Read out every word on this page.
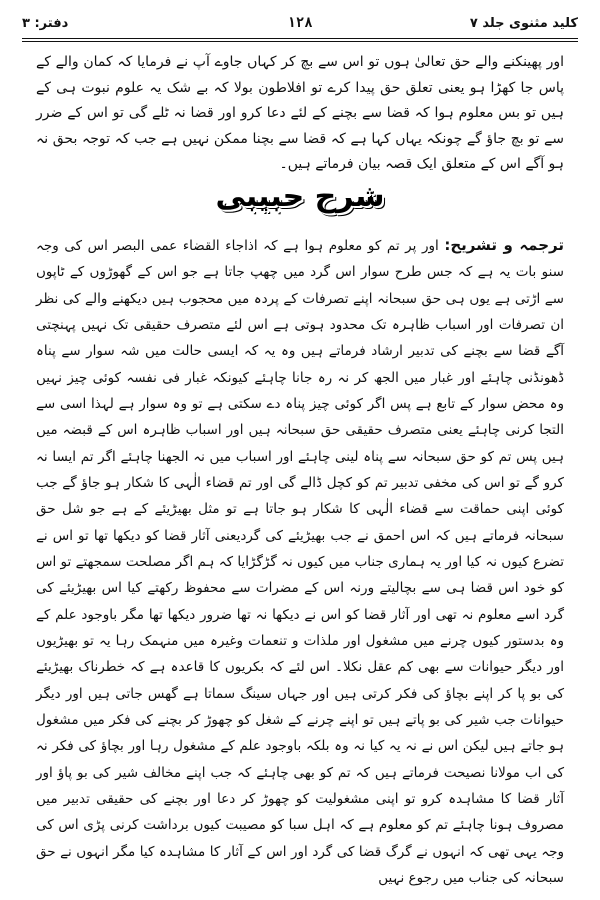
کلید مثنوی جلد ۷
۱۲۸
دفتر: ۳
اور پھینکنے والے حق تعالیٰ ہوں تو اس سے بچ کر کہاں جاوے آپ نے فرمایا کہ کمان والے کے پاس جا کھڑا ہو یعنی تعلق حق پیدا کرے تو افلاطون بولا کہ بے شک یہ علوم نبوت ہی کے ہیں تو بس معلوم ہوا کہ قضا سے بچنے کے لئے دعا کرو اور قضا نہ ٹلے گی تو اس کے ضرر سے تو بچ جاؤ گے چونکہ یہاں کہا ہے کہ قضا سے بچنا ممکن نہیں ہے جب کہ توجہ بحق نہ ہو آگے اس کے متعلق ایک قصہ بیان فرماتے ہیں۔
شرح حبیبی
ترجمہ و تشریح: اور پر تم کو معلوم ہوا ہے کہ اذاجاء القضاء عمی البصر اس کی وجہ سنو بات یہ ہے کہ جس طرح سوار اس گرد میں چھپ جاتا ہے جو اس کے گھوڑوں کے ٹاپوں سے اڑتی ہے یوں ہی حق سبحانہ اپنے تصرفات کے پردہ میں محجوب ہیں دیکھنے والے کی نظر ان تصرفات اور اسباب ظاہرہ تک محدود ہوتی ہے اس لئے متصرف حقیقی تک نہیں پہنچتی آگے قضا سے بچنے کی تدبیر ارشاد فرماتے ہیں وہ یہ کہ ایسی حالت میں شہ سوار سے پناہ ڈھونڈنی چاہئے اور غبار میں الجھ کر نہ رہ جانا چاہئے کیونکہ غبار فی نفسہ کوئی چیز نہیں وہ محض سوار کے تابع ہے پس اگر کوئی چیز پناہ دے سکتی ہے تو وہ سوار ہے لہذا اسی سے التجا کرنی چاہئے یعنی متصرف حقیقی حق سبحانہ ہیں اور اسباب ظاہرہ اس کے قبضہ میں ہیں پس تم کو حق سبحانہ سے پناہ لینی چاہئے اور اسباب میں نہ الجھنا چاہئے اگر تم ایسا نہ کرو گے تو اس کی مخفی تدبیر تم کو کچل ڈالے گی اور تم قضاء الٰہی کا شکار ہو جاؤ گے جب کوئی اپنی حماقت سے قضاء الٰہی کا شکار ہو جاتا ہے تو مثل بھیڑیئے کے ہے جو شل حق سبحانہ فرماتے ہیں کہ اس احمق نے جب بھیڑیئے کی گردیعنی آثار قضا کو دیکھا تھا تو اس نے تضرع کیوں نہ کیا اور یہ ہماری جناب میں کیوں نہ گڑگڑایا کہ ہم اگر مصلحت سمجھتے تو اس کو خود اس قضا ہی سے بچالیتے ورنہ اس کے مضرات سے محفوظ رکھتے کیا اس بھیڑیئے کی گرد اسے معلوم نہ تھی اور آثار قضا کو اس نے دیکھا نہ تھا ضرور دیکھا تھا مگر باوجود علم کے وہ بدستور کیوں چرنے میں مشغول اور ملذات و تنعمات وغیرہ میں منہمک رہا یہ تو بھیڑیوں اور دیگر حیوانات سے بھی کم عقل نکلا۔ اس لئے کہ بکریوں کا قاعدہ ہے کہ خطرناک بھیڑیئے کی بو پا کر اپنے بچاؤ کی فکر کرتی ہیں اور جہاں سینگ سماتا ہے گھس جاتی ہیں اور دیگر حیوانات جب شیر کی بو پاتے ہیں تو اپنے چرنے کے شغل کو چھوڑ کر بچنے کی فکر میں مشغول ہو جاتے ہیں لیکن اس نے نہ یہ کیا نہ وہ بلکہ باوجود علم کے مشغول رہا اور بچاؤ کی فکر نہ کی اب مولانا نصیحت فرماتے ہیں کہ تم کو بھی چاہئے کہ جب اپنے مخالف شیر کی بو پاؤ اور آثار قضا کا مشاہدہ کرو تو اپنی مشغولیت کو چھوڑ کر دعا اور بچنے کی حقیقی تدبیر میں مصروف ہونا چاہئے تم کو معلوم ہے کہ اہل سبا کو مصیبت کیوں برداشت کرنی پڑی اس کی وجہ یہی تھی کہ انہوں نے گرگ قضا کی گرد اور اس کے آثار کا مشاہدہ کیا مگر انہوں نے حق سبحانہ کی جناب میں رجوع نہیں
